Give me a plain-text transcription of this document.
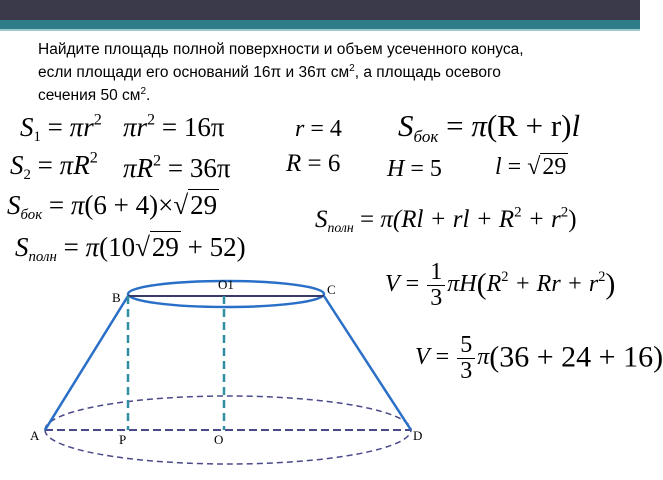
Найдите площадь полной поверхности и объем усеченного конуса,
если площади его оснований 16π и 36π $см^2$, а площадь осевого
сечения 50 $см^2$.
$S_1 = \pi r^2$ $\pi r^2 = 16\pi$	r = 4 $S_{бок} = \pi(R + r)l$
$S_2 = \pi R^2$ $\pi R^2 = 36\pi$ R = 6 H = 5 l = √29
$S_{бок} = \pi(6 + 4)\times√29$	$S_{полн} = \pi(Rl$ + rl + $R^2 + r^2$)
$S_{полн} = \pi(10√29 + 52)$
$V = \frac{1}{3} \pi H(R^2 + Rr + r^2)$
$V = \frac{5}{3} \pi(36 + 24 + 16)$
O1	C
B
A	D
P	O
